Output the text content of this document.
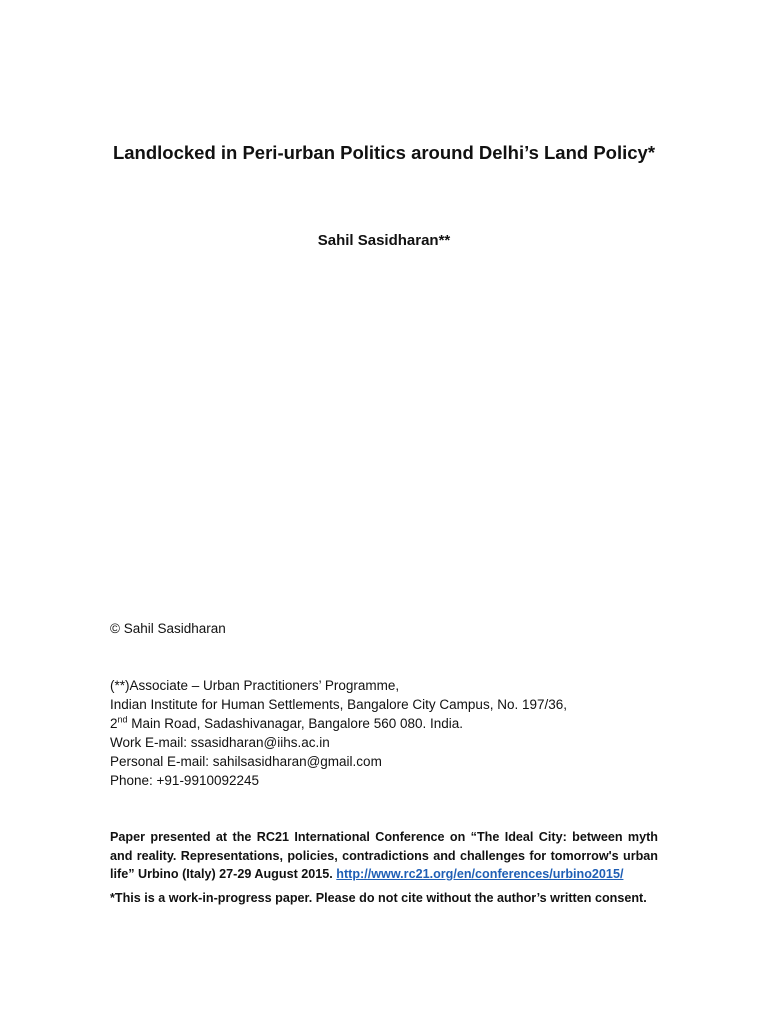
Landlocked in Peri-urban Politics around Delhi’s Land Policy*
Sahil Sasidharan**
© Sahil Sasidharan
(**)Associate – Urban Practitioners’ Programme,
Indian Institute for Human Settlements, Bangalore City Campus, No. 197/36,
2nd Main Road, Sadashivanagar, Bangalore 560 080. India.
Work E-mail: ssasidharan@iihs.ac.in
Personal E-mail: sahilsasidharan@gmail.com
Phone: +91-9910092245
Paper presented at the RC21 International Conference on “The Ideal City: between myth and reality. Representations, policies, contradictions and challenges for tomorrow's urban life” Urbino (Italy) 27-29 August 2015. http://www.rc21.org/en/conferences/urbino2015/
*This is a work-in-progress paper. Please do not cite without the author’s written consent.
